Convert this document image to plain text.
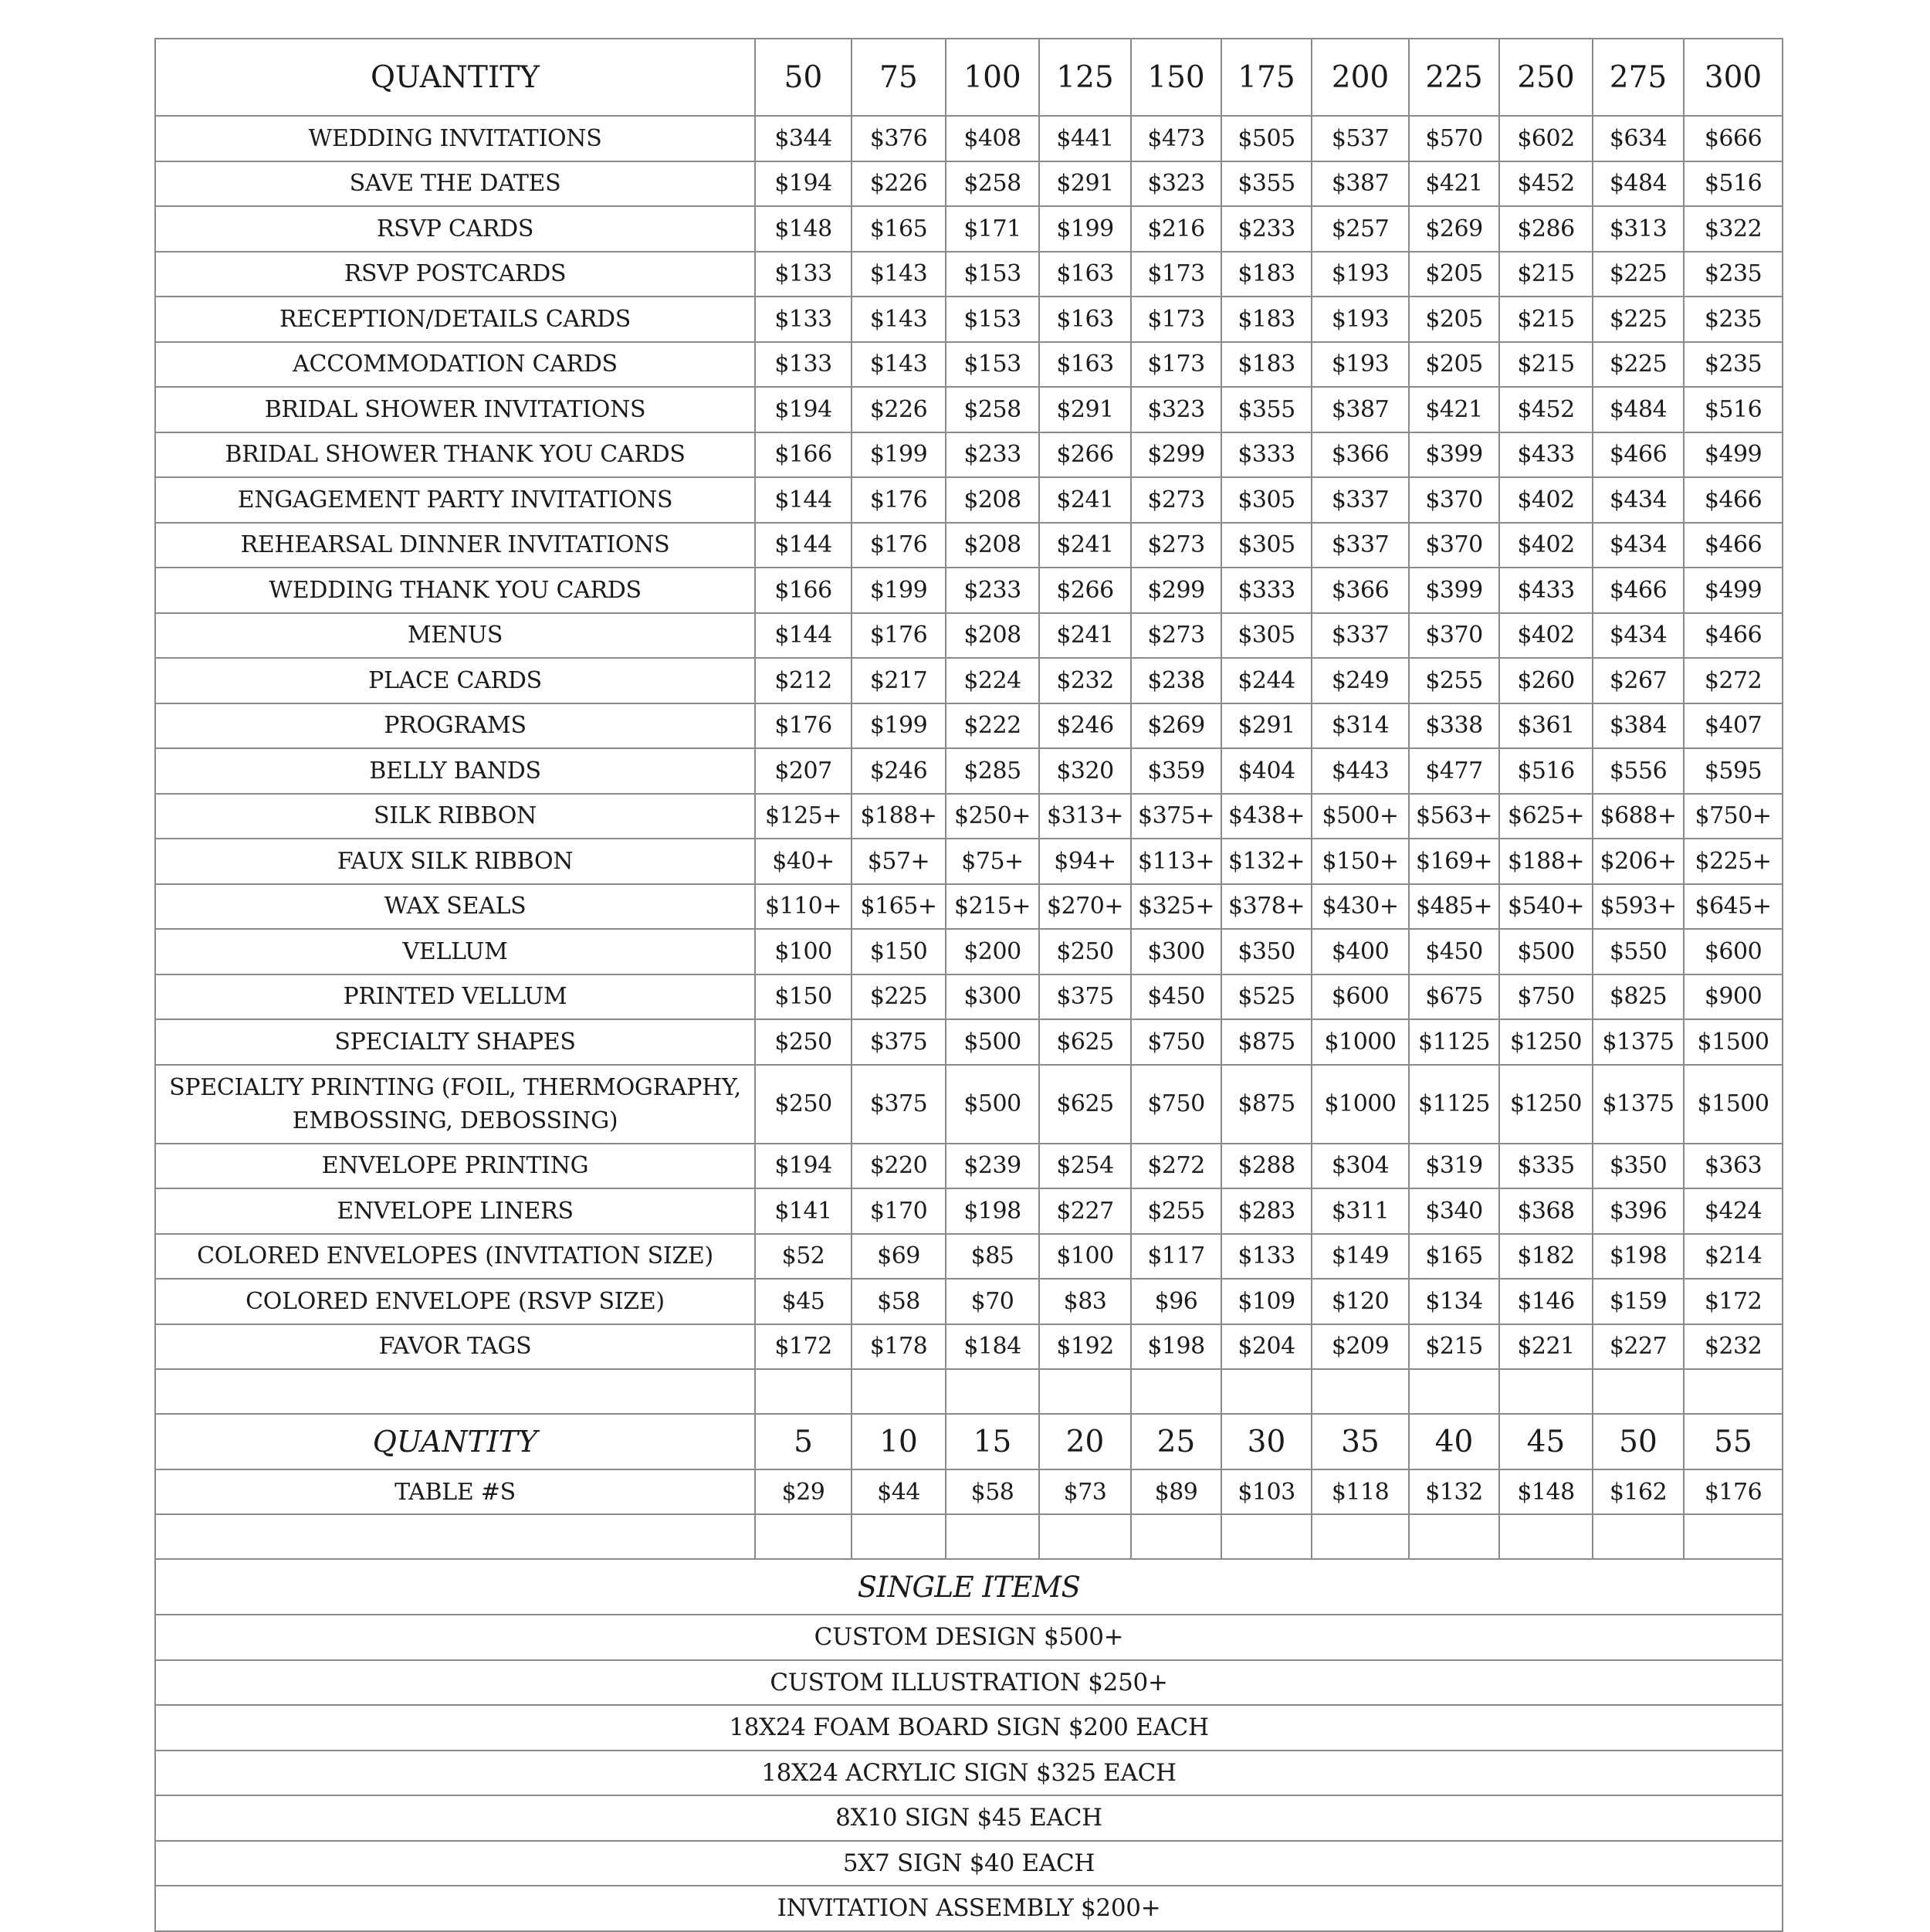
QUANTITY	50	75	100	125	150	175	200	225	250	275	300
WEDDING INVITATIONS	$344	$376	$408	$441	$473	$505	$537	$570	$602	$634	$666
SAVE THE DATES	$194	$226	$258	$291	$323	$355	$387	$421	$452	$484	$516
RSVP CARDS	$148	$165	$171	$199	$216	$233	$257	$269	$286	$313	$322
RSVP POSTCARDS	$133	$143	$153	$163	$173	$183	$193	$205	$215	$225	$235
RECEPTION/DETAILS CARDS	$133	$143	$153	$163	$173	$183	$193	$205	$215	$225	$235
ACCOMMODATION CARDS	$133	$143	$153	$163	$173	$183	$193	$205	$215	$225	$235
BRIDAL SHOWER INVITATIONS	$194	$226	$258	$291	$323	$355	$387	$421	$452	$484	$516
BRIDAL SHOWER THANK YOU CARDS	$166	$199	$233	$266	$299	$333	$366	$399	$433	$466	$499
ENGAGEMENT PARTY INVITATIONS	$144	$176	$208	$241	$273	$305	$337	$370	$402	$434	$466
REHEARSAL DINNER INVITATIONS	$144	$176	$208	$241	$273	$305	$337	$370	$402	$434	$466
WEDDING THANK YOU CARDS	$166	$199	$233	$266	$299	$333	$366	$399	$433	$466	$499
MENUS	$144	$176	$208	$241	$273	$305	$337	$370	$402	$434	$466
PLACE CARDS	$212	$217	$224	$232	$238	$244	$249	$255	$260	$267	$272
PROGRAMS	$176	$199	$222	$246	$269	$291	$314	$338	$361	$384	$407
BELLY BANDS	$207	$246	$285	$320	$359	$404	$443	$477	$516	$556	$595
SILK RIBBON	$125+	$188+	$250+	$313+	$375+	$438+	$500+	$563+	$625+	$688+	$750+
FAUX SILK RIBBON	$40+	$57+	$75+	$94+	$113+	$132+	$150+	$169+	$188+	$206+	$225+
WAX SEALS	$110+	$165+	$215+	$270+	$325+	$378+	$430+	$485+	$540+	$593+	$645+
VELLUM	$100	$150	$200	$250	$300	$350	$400	$450	$500	$550	$600
PRINTED VELLUM	$150	$225	$300	$375	$450	$525	$600	$675	$750	$825	$900
SPECIALTY SHAPES	$250	$375	$500	$625	$750	$875	$1000	$1125	$1250	$1375	$1500
SPECIALTY PRINTING (FOIL, THERMOGRAPHY, EMBOSSING, DEBOSSING)	$250	$375	$500	$625	$750	$875	$1000	$1125	$1250	$1375	$1500
ENVELOPE PRINTING	$194	$220	$239	$254	$272	$288	$304	$319	$335	$350	$363
ENVELOPE LINERS	$141	$170	$198	$227	$255	$283	$311	$340	$368	$396	$424
COLORED ENVELOPES (INVITATION SIZE)	$52	$69	$85	$100	$117	$133	$149	$165	$182	$198	$214
COLORED ENVELOPE (RSVP SIZE)	$45	$58	$70	$83	$96	$109	$120	$134	$146	$159	$172
FAVOR TAGS	$172	$178	$184	$192	$198	$204	$209	$215	$221	$227	$232

QUANTITY	5	10	15	20	25	30	35	40	45	50	55
TABLE #S	$29	$44	$58	$73	$89	$103	$118	$132	$148	$162	$176

SINGLE ITEMS											
CUSTOM DESIGN $500+											
CUSTOM ILLUSTRATION $250+											
18X24 FOAM BOARD SIGN $200 EACH											
18X24 ACRYLIC SIGN $325 EACH											
8X10 SIGN $45 EACH											
5X7 SIGN $40 EACH											
INVITATION ASSEMBLY $200+											
